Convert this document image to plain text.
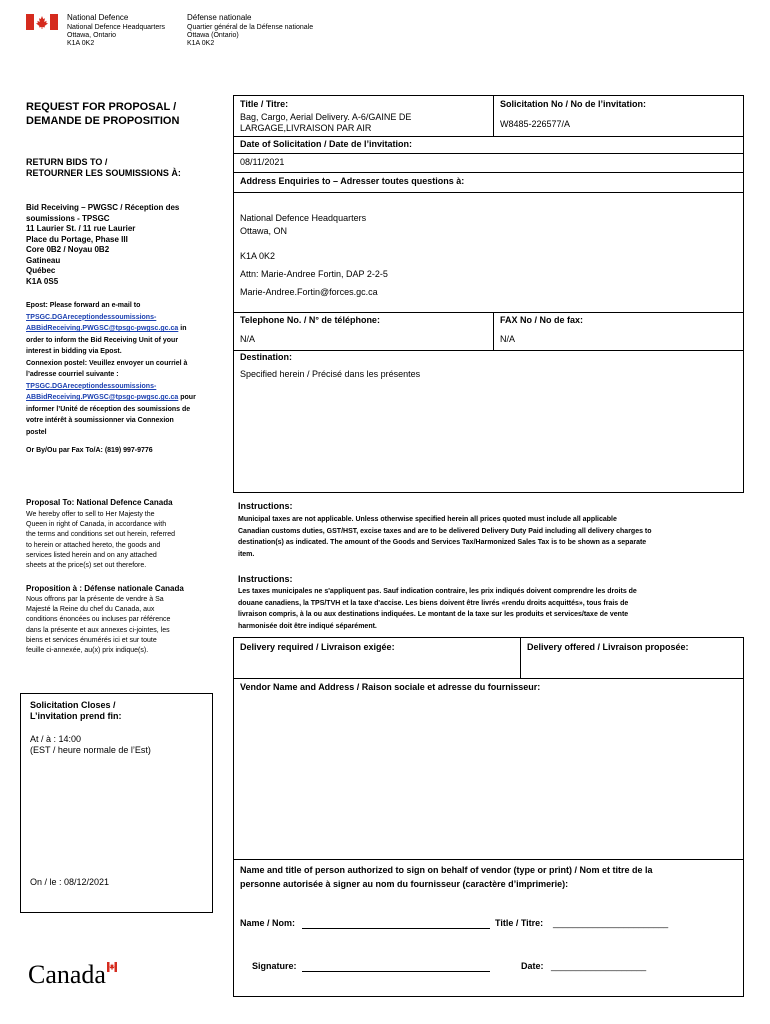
National Defence
National Defence Headquarters
Ottawa, Ontario
K1A 0K2
Défense nationale
Quartier général de la Défense nationale
Ottawa (Ontario)
K1A 0K2
REQUEST FOR PROPOSAL /
DEMANDE DE PROPOSITION
RETURN BIDS TO /
RETOURNER LES SOUMISSIONS À:
Bid Receiving – PWGSC / Réception des
soumissions - TPSGC
11 Laurier St. / 11 rue Laurier
Place du Portage, Phase III
Core 0B2 / Noyau 0B2
Gatineau
Québec
K1A 0S5
Epost: Please forward an e-mail to
TPSGC.DGAreceptiondessoumissions-
ABBidReceiving.PWGSC@tpsgc-pwgsc.gc.ca in
order to inform the Bid Receiving Unit of your
interest in bidding via Epost.
Connexion postel: Veuillez envoyer un courriel à
l’adresse courriel suivante :
TPSGC.DGAreceptiondessoumissions-
ABBidReceiving.PWGSC@tpsgc-pwgsc.gc.ca pour
informer l’Unité de réception des soumissions de
votre intérêt à soumissionner via Connexion
postel
Or By/Ou par Fax To/A: (819) 997-9776
Proposal To: National Defence Canada
We hereby offer to sell to Her Majesty the
Queen in right of Canada, in accordance with
the terms and conditions set out herein, referred
to herein or attached hereto, the goods and
services listed herein and on any attached
sheets at the price(s) set out therefore.
Proposition à : Défense nationale Canada
Nous offrons par la présente de vendre à Sa
Majesté la Reine du chef du Canada, aux
conditions énoncées ou incluses par référence
dans la présente et aux annexes ci-jointes, les
biens et services énumérés ici et sur toute
feuille ci-annexée, au(x) prix indique(s).
Solicitation Closes /
L’invitation prend fin:
At / à : 14:00
(EST / heure normale de l’Est)
On / le : 08/12/2021
Canada
Title / Titre:
Bag, Cargo, Aerial Delivery. A-6/GAINE DE
LARGAGE,LIVRAISON PAR AIR
Solicitation No / No de l’invitation:
W8485-226577/A
Date of Solicitation / Date de l’invitation:
08/11/2021
Address Enquiries to – Adresser toutes questions à:
National Defence Headquarters
Ottawa, ON
K1A 0K2
Attn: Marie-Andree Fortin, DAP 2-2-5
Marie-Andree.Fortin@forces.gc.ca
Telephone No. / N° de téléphone:
N/A
FAX No / No de fax:
N/A
Destination:
Specified herein / Précisé dans les présentes
Instructions:
Municipal taxes are not applicable. Unless otherwise specified herein all prices quoted must include all applicable
Canadian customs duties, GST/HST, excise taxes and are to be delivered Delivery Duty Paid including all delivery charges to
destination(s) as indicated. The amount of the Goods and Services Tax/Harmonized Sales Tax is to be shown as a separate
item.
Instructions:
Les taxes municipales ne s'appliquent pas. Sauf indication contraire, les prix indiqués doivent comprendre les droits de
douane canadiens, la TPS/TVH et la taxe d'accise. Les biens doivent être livrés «rendu droits acquittés», tous frais de
livraison compris, à la ou aux destinations indiquées. Le montant de la taxe sur les produits et services/taxe de vente
harmonisée doit être indiqué séparément.
Delivery required / Livraison exigée:	Delivery offered / Livraison proposée:
Vendor Name and Address / Raison sociale et adresse du fournisseur:
Name and title of person authorized to sign on behalf of vendor (type or print) / Nom et titre de la
personne autorisée à signer au nom du fournisseur (caractère d’imprimerie):
Name / Nom:	Title / Titre: _______________________
Signature:	Date: ___________________
